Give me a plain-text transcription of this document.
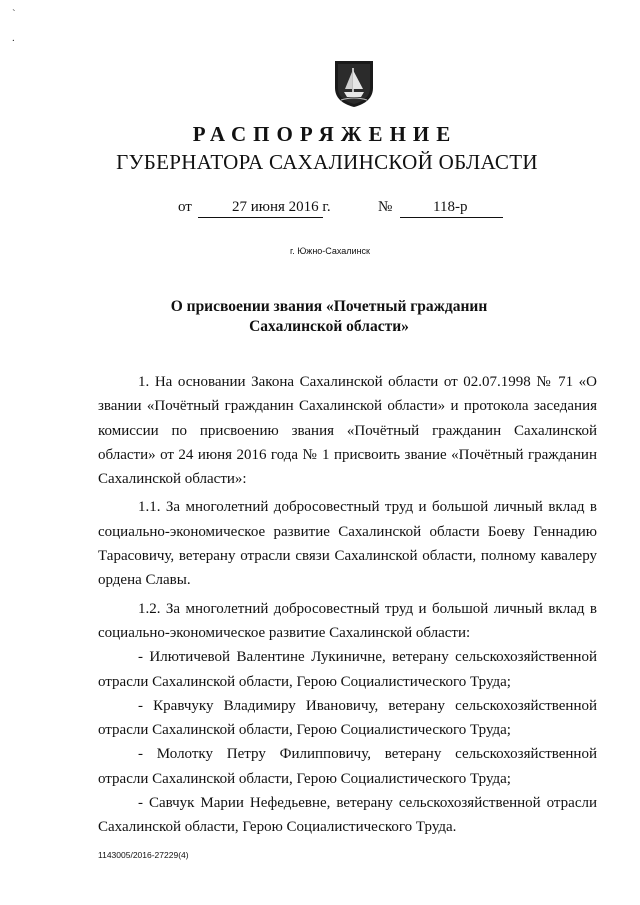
`
.
РАСПОРЯЖЕНИЕ
ГУБЕРНАТОРА САХАЛИНСКОЙ ОБЛАСТИ
от	27 июня 2016 г.	№	118-р
г. Южно-Сахалинск
О присвоении звания «Почетный гражданин
Сахалинской области»

1. На основании Закона Сахалинской области от 02.07.1998 № 71 «О звании «Почётный гражданин Сахалинской области» и протокола заседания комиссии по присвоению звания «Почётный гражданин Сахалинской области» от 24 июня 2016 года № 1 присвоить звание «Почётный гражданин Сахалинской области»:

1.1. За многолетний добросовестный труд и большой личный вклад в социально-экономическое развитие Сахалинской области Боеву Геннадию Тарасовичу, ветерану отрасли связи Сахалинской области, полному кавалеру ордена Славы.

1.2. За многолетний добросовестный труд и большой личный вклад в социально-экономическое развитие Сахалинской области:

- Илютичевой Валентине Лукиничне, ветерану сельскохозяйственной отрасли Сахалинской области, Герою Социалистического Труда;

- Кравчуку Владимиру Ивановичу, ветерану сельскохозяйственной отрасли Сахалинской области, Герою Социалистического Труда;

- Молотку Петру Филипповичу, ветерану сельскохозяйственной отрасли Сахалинской области, Герою Социалистического Труда;

- Савчук Марии Нефедьевне, ветерану сельскохозяйственной отрасли Сахалинской области, Герою Социалистического Труда.

1143005/2016-27229(4)
